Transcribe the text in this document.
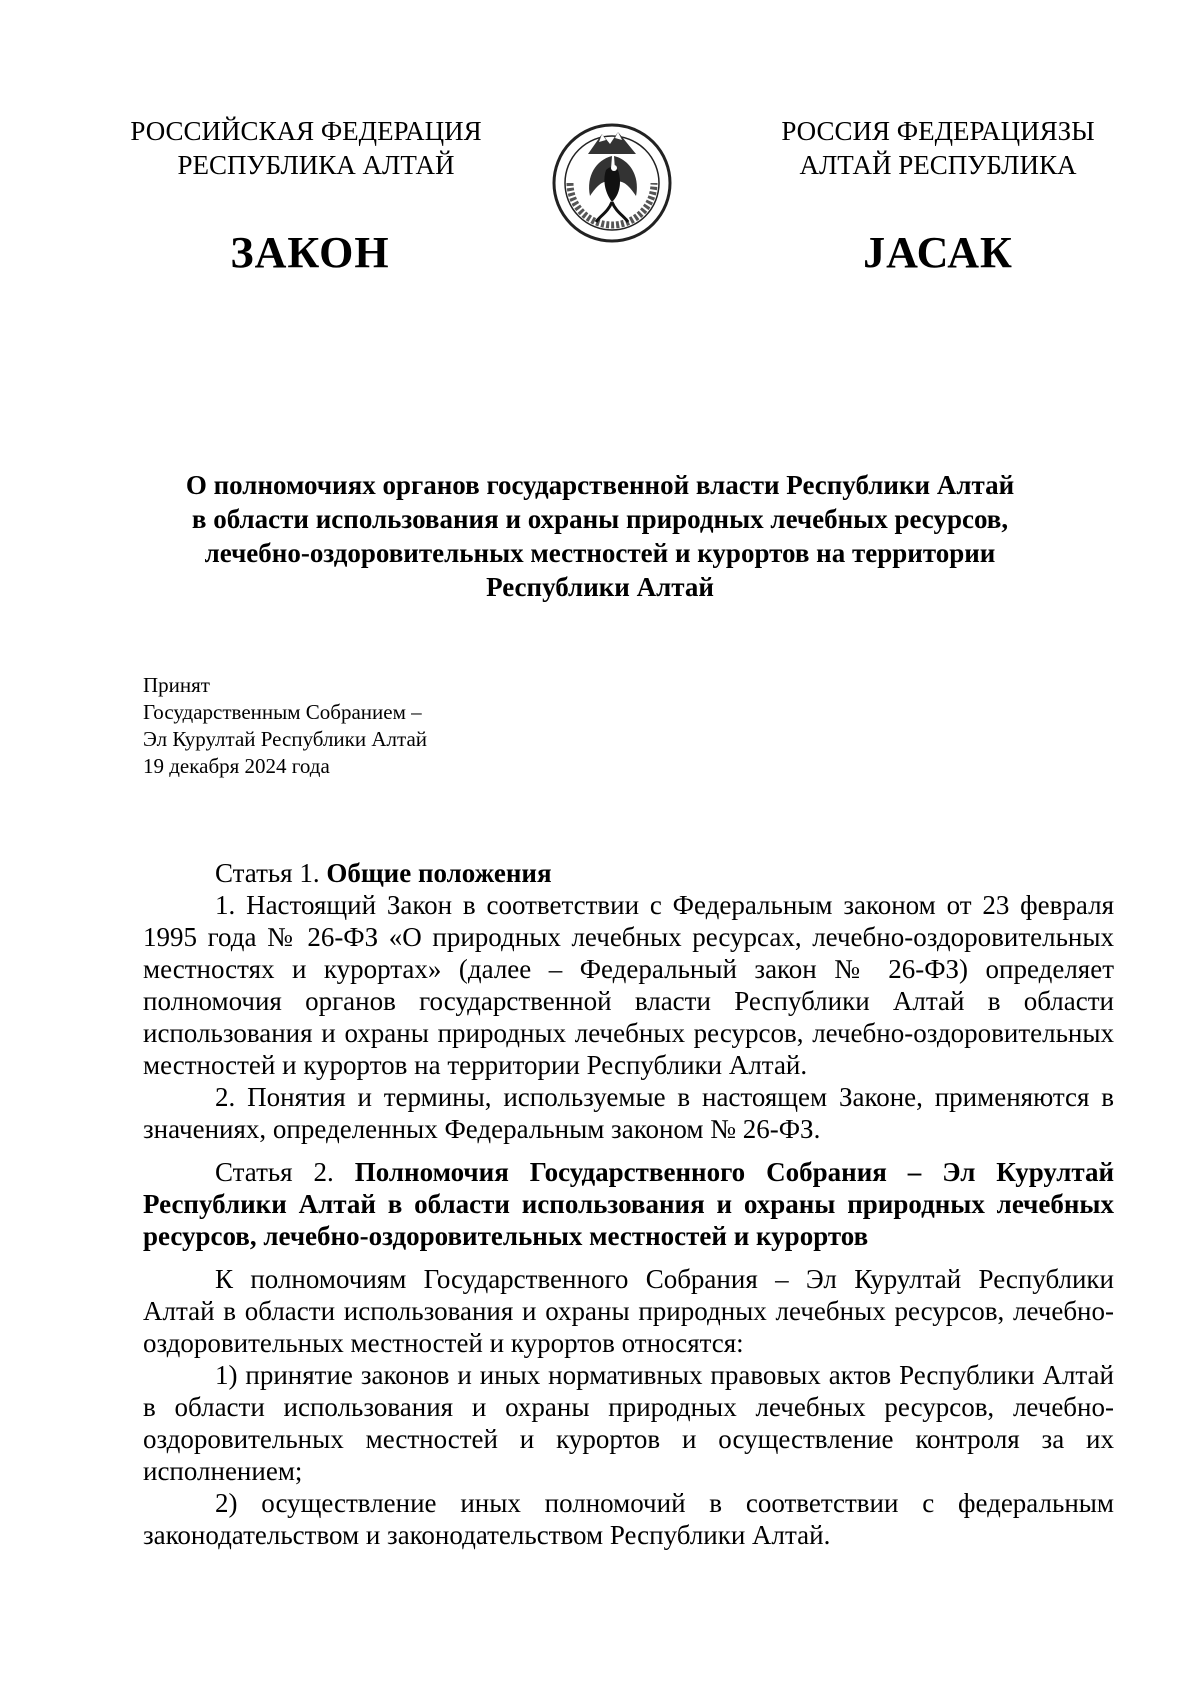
РОССИЙСКАЯ ФЕДЕРАЦИЯ
РЕСПУБЛИКА АЛТАЙ
РОССИЯ ФЕДЕРАЦИЯЗЫ
АЛТАЙ РЕСПУБЛИКА
ЗАКОН	JАСАК
О полномочиях органов государственной власти Республики Алтай
в области использования и охраны природных лечебных ресурсов,
лечебно-оздоровительных местностей и курортов на территории
Республики Алтай
Принят
Государственным Собранием –
Эл Курултай Республики Алтай
19 декабря 2024 года

Статья 1. Общие положения

1. Настоящий Закон в соответствии с Федеральным законом от 23 февраля 1995 года № 26-ФЗ «О природных лечебных ресурсах, лечебно-оздоровительных местностях и курортах» (далее – Федеральный закон № 26-ФЗ) определяет полномочия органов государственной власти Республики Алтай в области использования и охраны природных лечебных ресурсов, лечебно-оздоровительных местностей и курортов на территории Республики Алтай.

2. Понятия и термины, используемые в настоящем Законе, применяются в значениях, определенных Федеральным законом № 26-ФЗ.

Статья 2. Полномочия Государственного Собрания – Эл Курултай Республики Алтай в области использования и охраны природных лечебных ресурсов, лечебно-оздоровительных местностей и курортов

К полномочиям Государственного Собрания – Эл Курултай Республики Алтай в области использования и охраны природных лечебных ресурсов, лечебно-оздоровительных местностей и курортов относятся:

1) принятие законов и иных нормативных правовых актов Республики Алтай в области использования и охраны природных лечебных ресурсов, лечебно-оздоровительных местностей и курортов и осуществление контроля за их исполнением;

2) осуществление иных полномочий в соответствии с федеральным законодательством и законодательством Республики Алтай.
